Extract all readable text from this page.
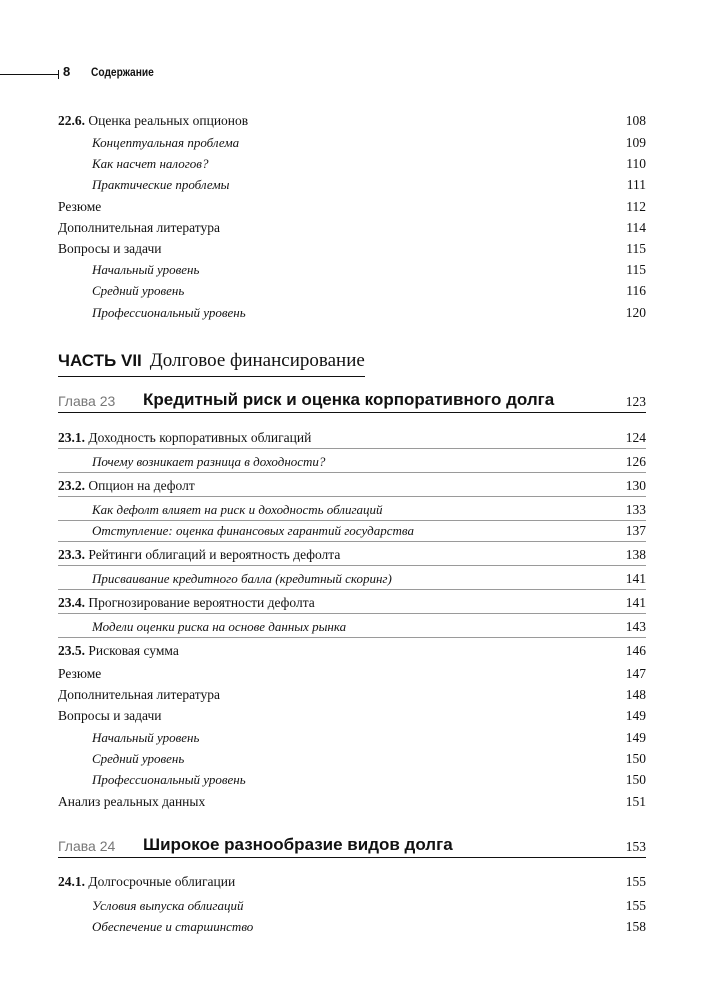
8 Содержание
22.6. Оценка реальных опционов	108
Концептуальная проблема	109
Как насчет налогов?	110
Практические проблемы	111
Резюме	112
Дополнительная литература	114
Вопросы и задачи	115
Начальный уровень	115
Средний уровень	116
Профессиональный уровень	120
ЧАСТЬ VII Долговое финансирование
Глава 23 Кредитный риск и оценка корпоративного долга	123
23.1. Доходность корпоративных облигаций	124
Почему возникает разница в доходности?	126
23.2. Опцион на дефолт	130
Как дефолт влияет на риск и доходность облигаций	133
Отступление: оценка финансовых гарантий государства	137
23.3. Рейтинги облигаций и вероятность дефолта	138
Присваивание кредитного балла (кредитный скоринг)	141
23.4. Прогнозирование вероятности дефолта	141
Модели оценки риска на основе данных рынка	143
23.5. Рисковая сумма	146
Резюме	147
Дополнительная литература	148
Вопросы и задачи	149
Начальный уровень	149
Средний уровень	150
Профессиональный уровень	150
Анализ реальных данных	151
Глава 24 Широкое разнообразие видов долга	153
24.1. Долгосрочные облигации	155
Условия выпуска облигаций	155
Обеспечение и старшинство	158
